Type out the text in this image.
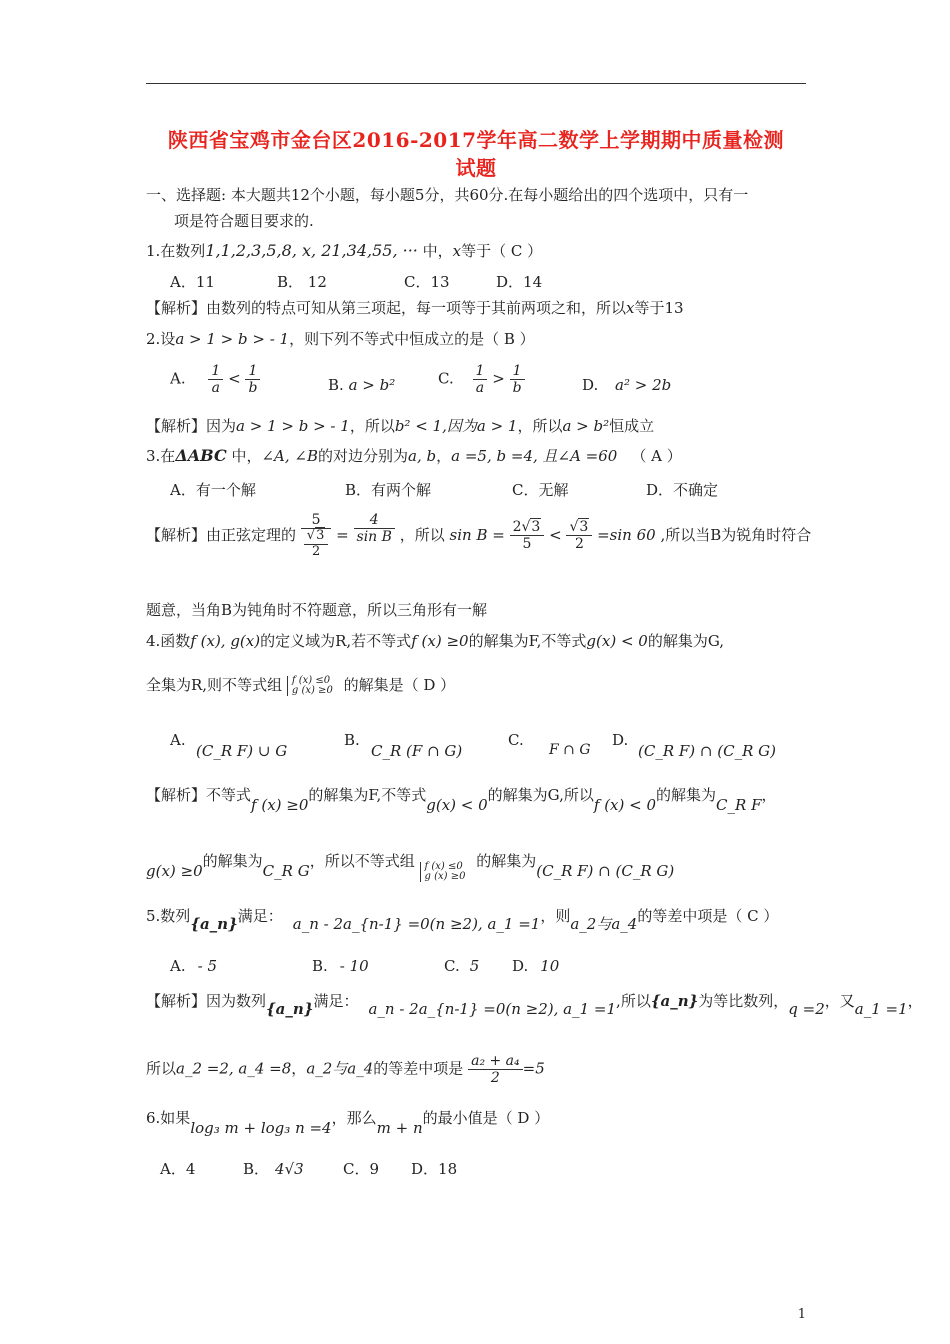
陕西省宝鸡市金台区2016-2017学年高二数学上学期期中质量检测
试题
一、选择题: 本大题共12个小题，每小题5分，共60分.在每小题给出的四个选项中，只有一
项是符合题目要求的.
1.在数列1,1,2,3,5,8, x, 21,34,55, ··· 中，x等于（ C ）
A．11	B． 12	C．13	D．14
【解析】由数列的特点可知从第三项起，每一项等于其前两项之和，所以x等于13
2.设a > 1 > b > - 1，则下列不等式中恒成立的是（ B ）
A. $\frac{1}{a} < \frac{1}{b}$	B. a > b²	C. $\frac{1}{a} > \frac{1}{b}$	D. a² > 2b
【解析】因为a > 1 > b > - 1，所以b² < 1,因为a > 1，所以a > b²恒成立
3.在ΔABC 中，∠A, ∠B的对边分别为a, b，a =5, b =4, 且∠A =60 （ A ）
A．有一个解	B．有两个解	C．无解	D．不确定
【解析】由正弦定理的 $\frac{5}{\frac{√3}{2}} = \frac{4}{\text{sin B}}$ ，所以 $\sin B = \frac{2√3}{5} < \frac{√3}{2} =\sin$ 60 ,所以当B为锐角时符合
题意，当角B为钝角时不符题意，所以三角形有一解
4.函数f (x), g(x)的定义域为R,若不等式f (x) ≥0的解集为F,不等式g(x) < 0的解集为G,
全集为R,则不等式组 f (x) ≤0
g (x) ≥0 的解集是（ D ）
A.
(C_R F) ∪ G
B.
C_R (F ∩ G)
C.
F ∩ G
D.
(C_R F) ∩ (C_R G)
【解析】不等式f (x) ≥0的解集为F,不等式g(x) < 0的解集为G,所以f (x) < 0的解集为C_R F，
g(x) ≥0的解集为C_R G，所以不等式组 f (x) ≤0
g (x) ≥0 的解集为(C_R F) ∩ (C_R G)
5.数列{a_n}满足： a_n - 2a_{n-1} =0(n ≥2), a_1 =1，则a_2与a_4的等差中项是（ C ）
A. - 5	B. - 10	C. 5 D. 10
【解析】因为数列{a_n}满足： a_n - 2a_{n-1} =0(n ≥2), a_1 =1,所以{a_n}为等比数列，q =2，又a_1 =1，
所以a_2 =2, a_4 =8，a_2与a_4的等差中项是 $\frac{\text{a₂ + a₄}}{2} =5$
6.如果log₃ m + log₃ n =4，那么m + n的最小值是（ D ）
A．4	B． 4√3	C．9 D．18
1
